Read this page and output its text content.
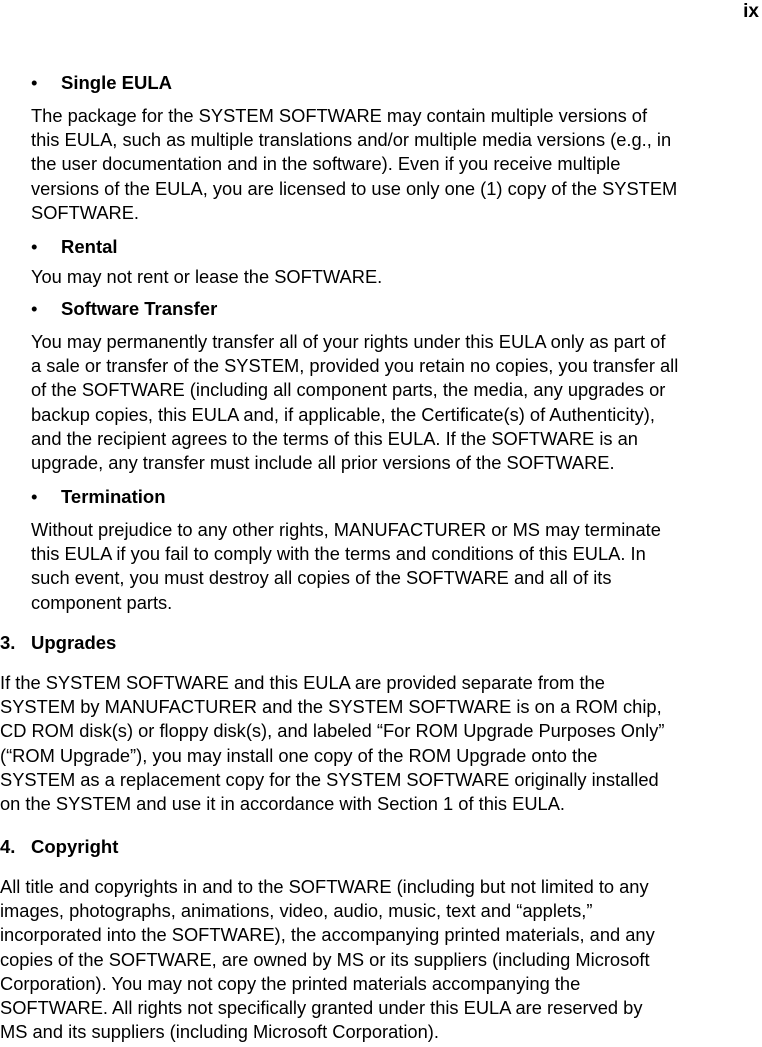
ix
• Single EULA
The package for the SYSTEM SOFTWARE may contain multiple versions of
this EULA, such as multiple translations and/or multiple media versions (e.g., in
the user documentation and in the software). Even if you receive multiple
versions of the EULA, you are licensed to use only one (1) copy of the SYSTEM
SOFTWARE.
• Rental
You may not rent or lease the SOFTWARE.
• Software Transfer
You may permanently transfer all of your rights under this EULA only as part of
a sale or transfer of the SYSTEM, provided you retain no copies, you transfer all
of the SOFTWARE (including all component parts, the media, any upgrades or
backup copies, this EULA and, if applicable, the Certificate(s) of Authenticity),
and the recipient agrees to the terms of this EULA. If the SOFTWARE is an
upgrade, any transfer must include all prior versions of the SOFTWARE.
• Termination
Without prejudice to any other rights, MANUFACTURER or MS may terminate
this EULA if you fail to comply with the terms and conditions of this EULA. In
such event, you must destroy all copies of the SOFTWARE and all of its
component parts.
3. Upgrades
If the SYSTEM SOFTWARE and this EULA are provided separate from the
SYSTEM by MANUFACTURER and the SYSTEM SOFTWARE is on a ROM chip,
CD ROM disk(s) or floppy disk(s), and labeled “For ROM Upgrade Purposes Only”
(“ROM Upgrade”), you may install one copy of the ROM Upgrade onto the
SYSTEM as a replacement copy for the SYSTEM SOFTWARE originally installed
on the SYSTEM and use it in accordance with Section 1 of this EULA.
4. Copyright
All title and copyrights in and to the SOFTWARE (including but not limited to any
images, photographs, animations, video, audio, music, text and “applets,”
incorporated into the SOFTWARE), the accompanying printed materials, and any
copies of the SOFTWARE, are owned by MS or its suppliers (including Microsoft
Corporation). You may not copy the printed materials accompanying the
SOFTWARE. All rights not specifically granted under this EULA are reserved by
MS and its suppliers (including Microsoft Corporation).
